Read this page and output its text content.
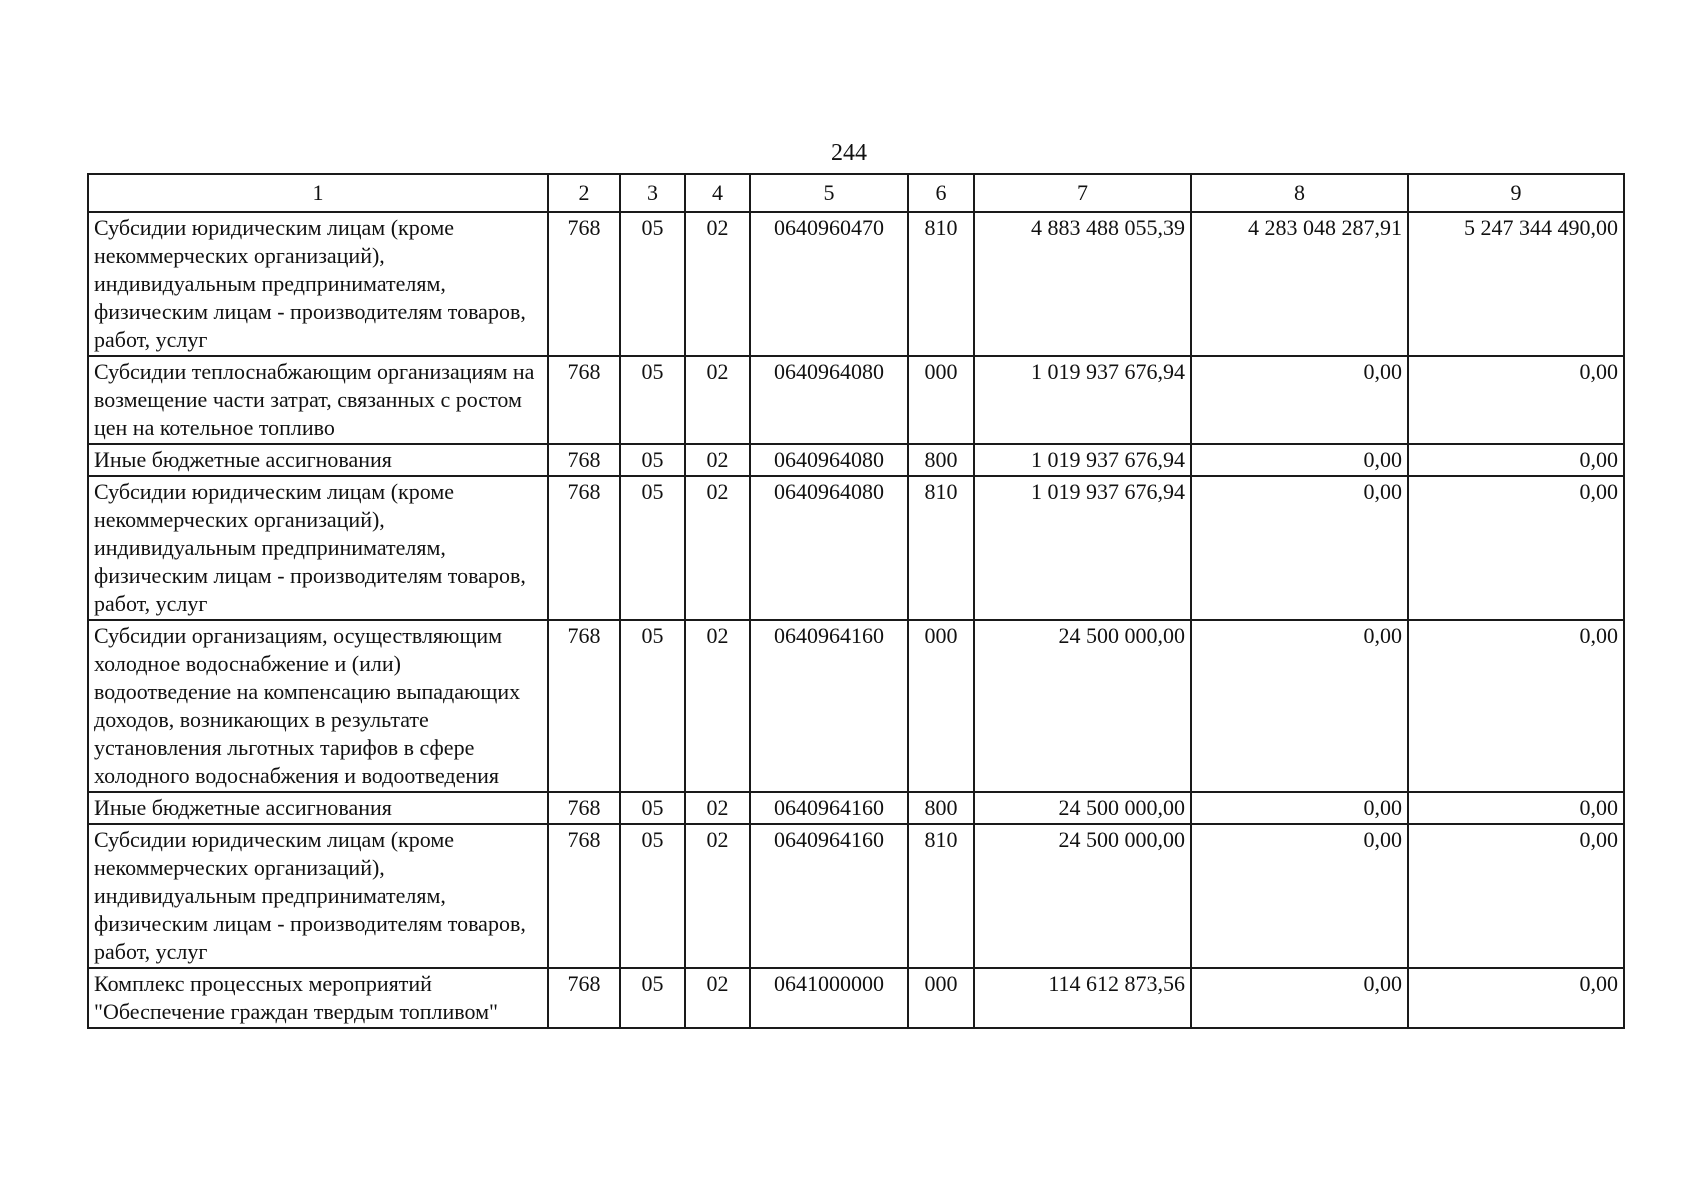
244
1	2	3	4	5	6	7	8	9
Субсидии юридическим лицам (кроме некоммерческих организаций), индивидуальным предпринимателям, физическим лицам - производителям товаров, работ, услуг	768	05	02	0640960470	810	4 883 488 055,39	4 283 048 287,91	5 247 344 490,00
Субсидии теплоснабжающим организациям на возмещение части затрат, связанных с ростом цен на котельное топливо	768	05	02	0640964080	000	1 019 937 676,94	0,00	0,00
Иные бюджетные ассигнования	768	05	02	0640964080	800	1 019 937 676,94	0,00	0,00
Субсидии юридическим лицам (кроме некоммерческих организаций), индивидуальным предпринимателям, физическим лицам - производителям товаров, работ, услуг	768	05	02	0640964080	810	1 019 937 676,94	0,00	0,00
Субсидии организациям, осуществляющим холодное водоснабжение и (или) водоотведение на компенсацию выпадающих доходов, возникающих в результате установления льготных тарифов в сфере холодного водоснабжения и водоотведения	768	05	02	0640964160	000	24 500 000,00	0,00	0,00
Иные бюджетные ассигнования	768	05	02	0640964160	800	24 500 000,00	0,00	0,00
Субсидии юридическим лицам (кроме некоммерческих организаций), индивидуальным предпринимателям, физическим лицам - производителям товаров, работ, услуг	768	05	02	0640964160	810	24 500 000,00	0,00	0,00
Комплекс процессных мероприятий "Обеспечение граждан твердым топливом"	768	05	02	0641000000	000	114 612 873,56	0,00	0,00
